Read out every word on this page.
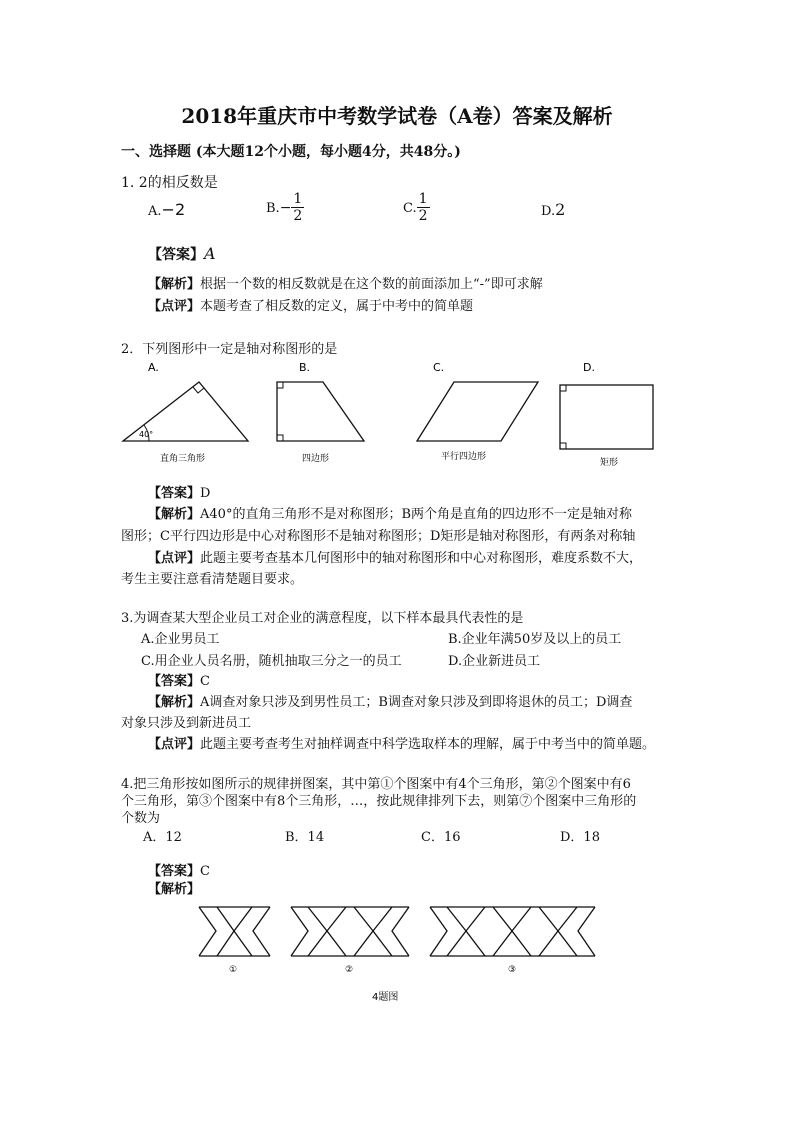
2018年重庆市中考数学试卷（A卷）答案及解析
一、选择题 (本大题12个小题，每小题4分，共48分。)
1. 2的相反数是
A.−2	$B.- \frac{1}{2}$	C. $\frac{1}{2}$	D.2
【答案】A
【解析】根据一个数的相反数就是在这个数的前面添加上“-”即可求解
【点评】本题考查了相反数的定义，属于中考中的简单题
2．下列图形中一定是轴对称图形的是
A.	B.	C.	D.
40°
直角三角形	四边形	平行四边形
矩形
【答案】D
【解析】A40°的直角三角形不是对称图形；B两个角是直角的四边形不一定是轴对称
图形；C平行四边形是中心对称图形不是轴对称图形；D矩形是轴对称图形，有两条对称轴
【点评】此题主要考查基本几何图形中的轴对称图形和中心对称图形，难度系数不大，
考生主要注意看清楚题目要求。
3.为调查某大型企业员工对企业的满意程度，以下样本最具代表性的是
A.企业男员工	B.企业年满50岁及以上的员工
C.用企业人员名册，随机抽取三分之一的员工	D.企业新进员工
【答案】C
【解析】A调查对象只涉及到男性员工；B调查对象只涉及到即将退休的员工；D调查
对象只涉及到新进员工
【点评】此题主要考查考生对抽样调查中科学选取样本的理解，属于中考当中的简单题。
4.把三角形按如图所示的规律拼图案，其中第①个图案中有4个三角形，第②个图案中有6
个三角形，第③个图案中有8个三角形，…，按此规律排列下去，则第⑦个图案中三角形的
个数为
A．12	B．14	C．16	D．18
【答案】C
【解析】
①	②	③
4题图
